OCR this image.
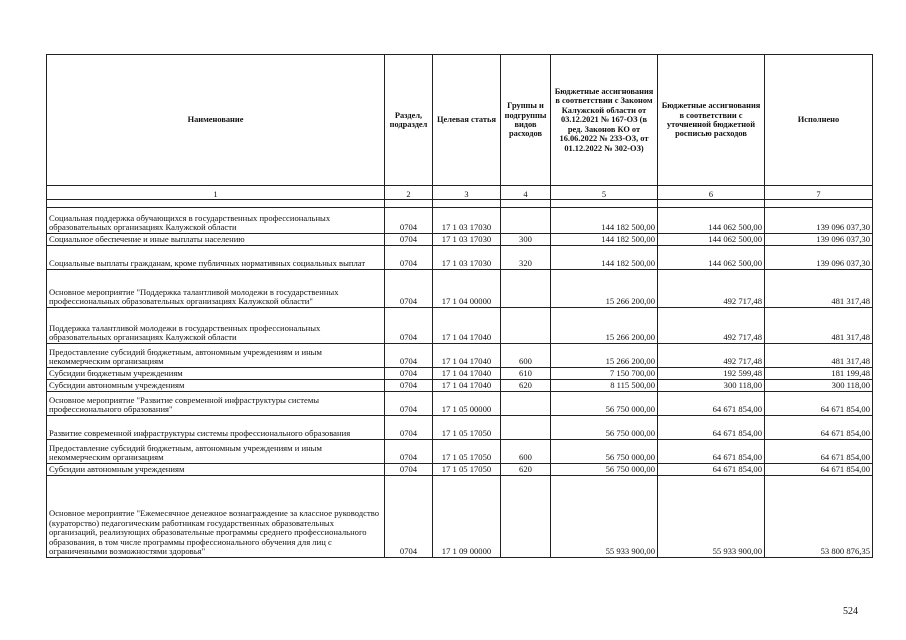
Наименование	Раздел, подраздел	Целевая статья	Группы и подгруппы видов расходов	Бюджетные ассигнования в соответствии с Законом Калужской области от 03.12.2021 № 167-ОЗ (в ред. Законов КО от 16.06.2022 № 233-ОЗ, от 01.12.2022 № 302-ОЗ)	Бюджетные ассигнования в соответствии с уточненной бюджетной росписью расходов	Исполнено
1	2	3	4	5	6	7

Социальная поддержка обучающихся в государственных профессиональных образовательных организациях Калужской области	0704	17 1 03 17030		144 182 500,00	144 062 500,00	139 096 037,30
Социальное обеспечение и иные выплаты населению	0704	17 1 03 17030	300	144 182 500,00	144 062 500,00	139 096 037,30
Социальные выплаты гражданам, кроме публичных нормативных социальных выплат	0704	17 1 03 17030	320	144 182 500,00	144 062 500,00	139 096 037,30
Основное мероприятие "Поддержка талантливой молодежи в государственных профессиональных образовательных организациях Калужской области"	0704	17 1 04 00000		15 266 200,00	492 717,48	481 317,48
Поддержка талантливой молодежи в государственных профессиональных образовательных организациях Калужской области	0704	17 1 04 17040		15 266 200,00	492 717,48	481 317,48
Предоставление субсидий бюджетным, автономным учреждениям и иным некоммерческим организациям	0704	17 1 04 17040	600	15 266 200,00	492 717,48	481 317,48
Субсидии бюджетным учреждениям	0704	17 1 04 17040	610	7 150 700,00	192 599,48	181 199,48
Субсидии автономным учреждениям	0704	17 1 04 17040	620	8 115 500,00	300 118,00	300 118,00
Основное мероприятие "Развитие современной инфраструктуры системы профессионального образования"	0704	17 1 05 00000		56 750 000,00	64 671 854,00	64 671 854,00
Развитие современной инфраструктуры системы профессионального образования	0704	17 1 05 17050		56 750 000,00	64 671 854,00	64 671 854,00
Предоставление субсидий бюджетным, автономным учреждениям и иным некоммерческим организациям	0704	17 1 05 17050	600	56 750 000,00	64 671 854,00	64 671 854,00
Субсидии автономным учреждениям	0704	17 1 05 17050	620	56 750 000,00	64 671 854,00	64 671 854,00
Основное мероприятие "Ежемесячное денежное вознаграждение за классное руководство (кураторство) педагогическим работникам государственных образовательных организаций, реализующих образовательные программы среднего профессионального образования, в том числе программы профессионального обучения для лиц с ограниченными возможностями здоровья"	0704	17 1 09 00000		55 933 900,00	55 933 900,00	53 800 876,35
524
